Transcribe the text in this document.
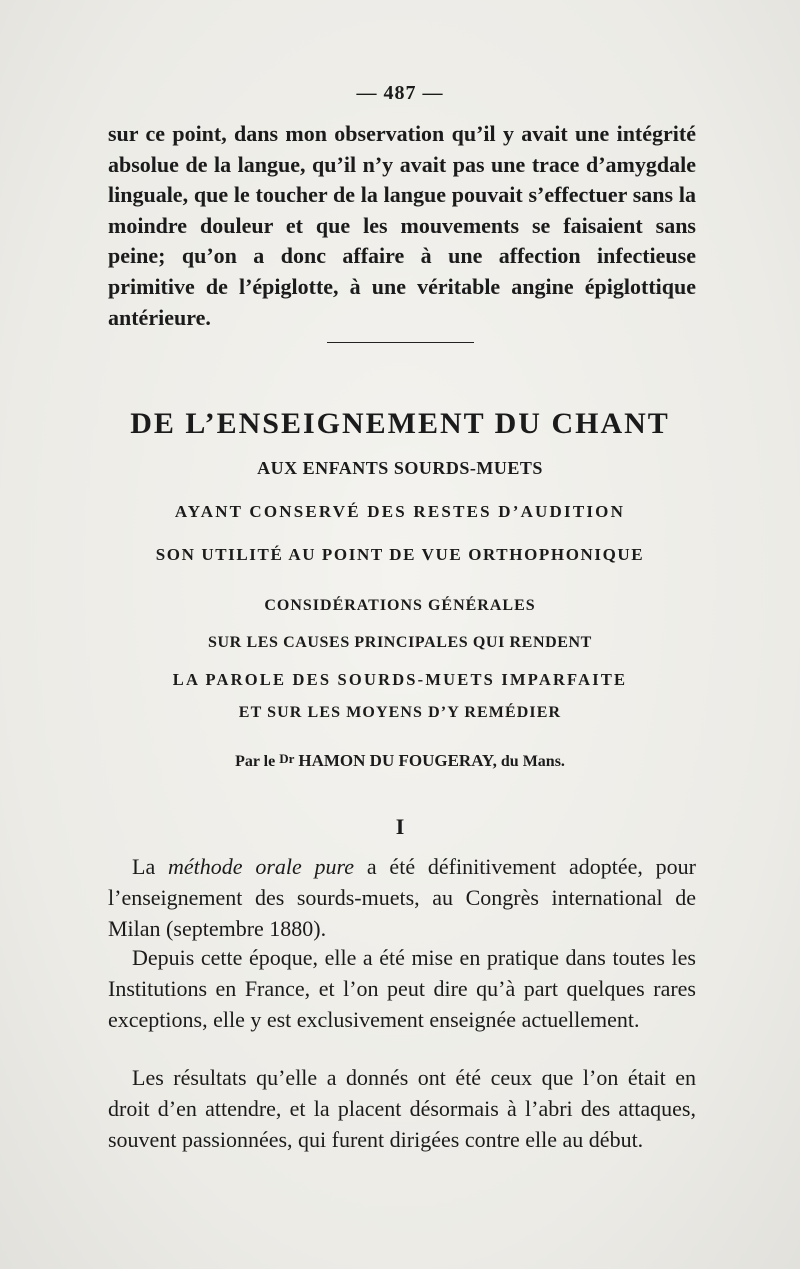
— 487 —
sur ce point, dans mon observation qu’il y avait une intégrité absolue de la langue, qu’il n’y avait pas une trace d’amygdale linguale, que le toucher de la langue pouvait s’effectuer sans la moindre douleur et que les mouvements se faisaient sans peine; qu’on a donc affaire à une affection infectieuse primitive de l’épiglotte, à une véritable angine épiglottique antérieure.
DE L’ENSEIGNEMENT DU CHANT
AUX ENFANTS SOURDS-MUETS
AYANT CONSERVÉ DES RESTES D’AUDITION
SON UTILITÉ AU POINT DE VUE ORTHOPHONIQUE
CONSIDÉRATIONS GÉNÉRALES
SUR LES CAUSES PRINCIPALES QUI RENDENT
LA PAROLE DES SOURDS-MUETS IMPARFAITE
ET SUR LES MOYENS D’Y REMÉDIER
Par le Dr HAMON DU FOUGERAY, du Mans.
I

La méthode orale pure a été définitivement adoptée, pour l’enseignement des sourds-muets, au Congrès international de Milan (septembre 1880).

Depuis cette époque, elle a été mise en pratique dans toutes les Institutions en France, et l’on peut dire qu’à part quelques rares exceptions, elle y est exclusivement enseignée actuellement.

Les résultats qu’elle a donnés ont été ceux que l’on était en droit d’en attendre, et la placent désormais à l’abri des attaques, souvent passionnées, qui furent dirigées contre elle au début.
